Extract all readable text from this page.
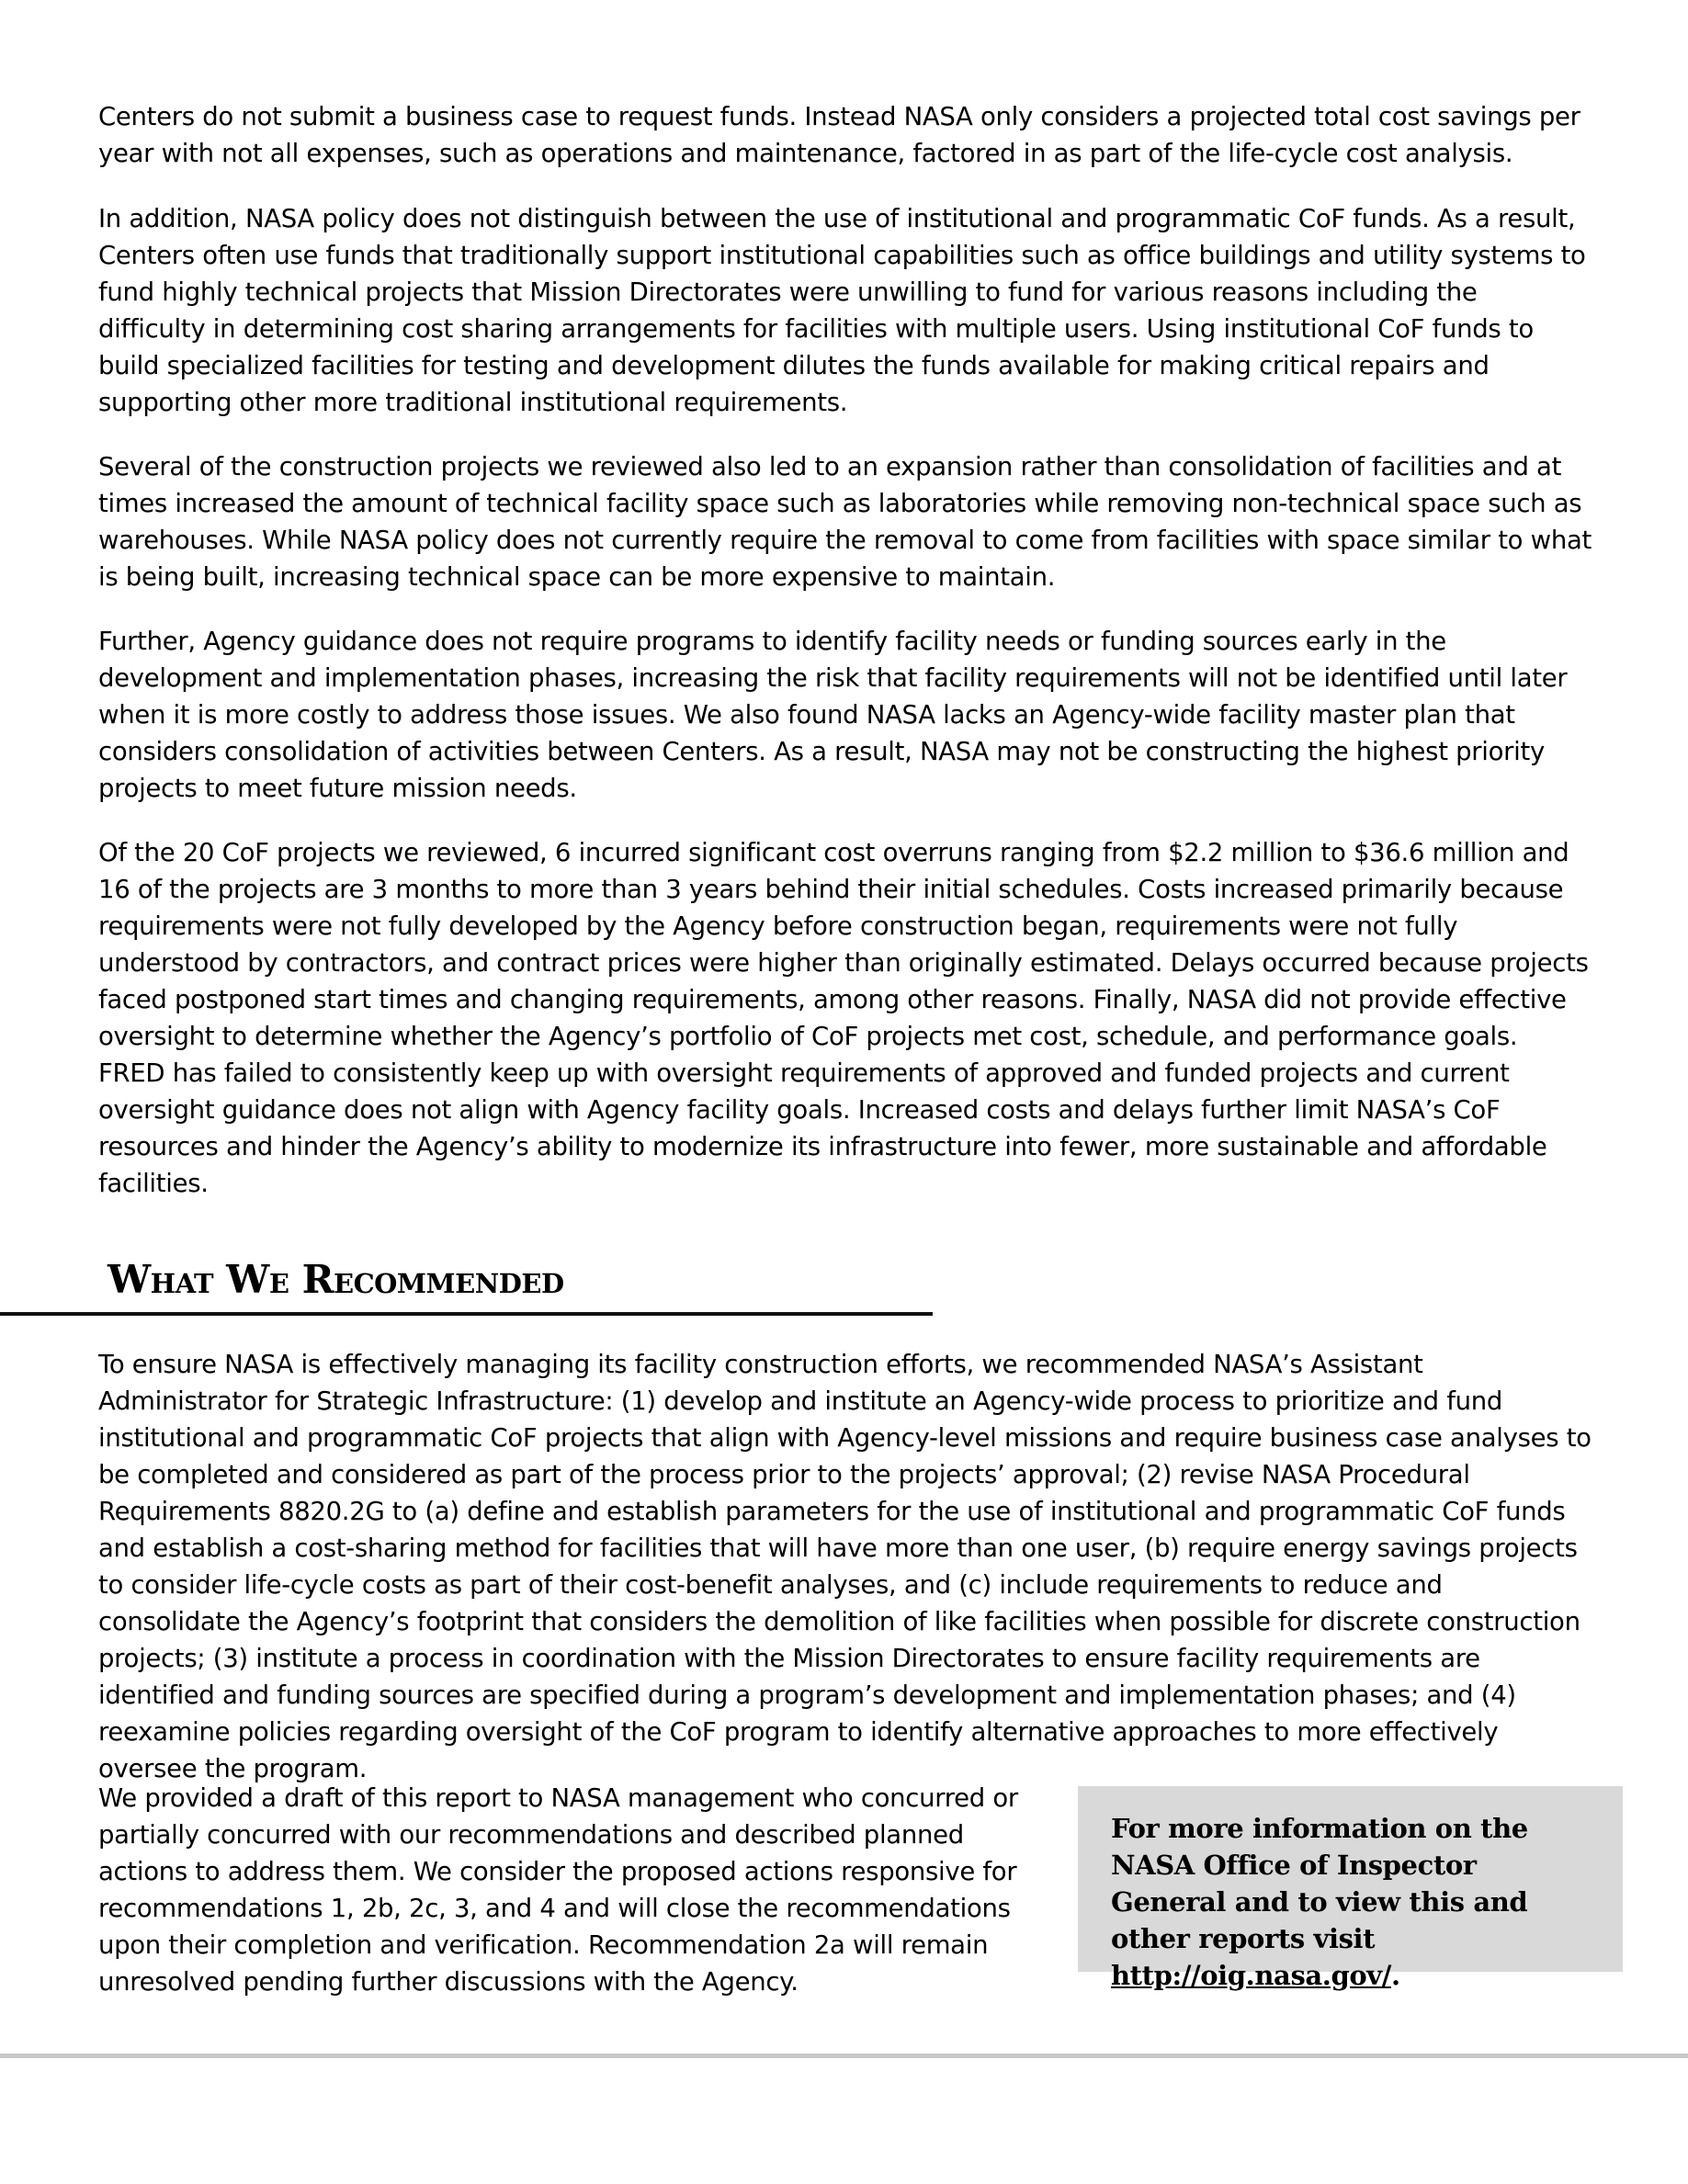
Centers do not submit a business case to request funds. Instead NASA only considers a projected total cost savings per year with not all expenses, such as operations and maintenance, factored in as part of the life-cycle cost analysis.

In addition, NASA policy does not distinguish between the use of institutional and programmatic CoF funds. As a result, Centers often use funds that traditionally support institutional capabilities such as office buildings and utility systems to fund highly technical projects that Mission Directorates were unwilling to fund for various reasons including the difficulty in determining cost sharing arrangements for facilities with multiple users. Using institutional CoF funds to build specialized facilities for testing and development dilutes the funds available for making critical repairs and supporting other more traditional institutional requirements.

Several of the construction projects we reviewed also led to an expansion rather than consolidation of facilities and at times increased the amount of technical facility space such as laboratories while removing non-technical space such as warehouses. While NASA policy does not currently require the removal to come from facilities with space similar to what is being built, increasing technical space can be more expensive to maintain.

Further, Agency guidance does not require programs to identify facility needs or funding sources early in the development and implementation phases, increasing the risk that facility requirements will not be identified until later when it is more costly to address those issues. We also found NASA lacks an Agency-wide facility master plan that considers consolidation of activities between Centers. As a result, NASA may not be constructing the highest priority projects to meet future mission needs.

Of the 20 CoF projects we reviewed, 6 incurred significant cost overruns ranging from $2.2 million to $36.6 million and 16 of the projects are 3 months to more than 3 years behind their initial schedules. Costs increased primarily because requirements were not fully developed by the Agency before construction began, requirements were not fully understood by contractors, and contract prices were higher than originally estimated. Delays occurred because projects faced postponed start times and changing requirements, among other reasons. Finally, NASA did not provide effective oversight to determine whether the Agency’s portfolio of CoF projects met cost, schedule, and performance goals. FRED has failed to consistently keep up with oversight requirements of approved and funded projects and current oversight guidance does not align with Agency facility goals. Increased costs and delays further limit NASA’s CoF resources and hinder the Agency’s ability to modernize its infrastructure into fewer, more sustainable and affordable facilities.

What We Recommended

To ensure NASA is effectively managing its facility construction efforts, we recommended NASA’s Assistant Administrator for Strategic Infrastructure: (1) develop and institute an Agency-wide process to prioritize and fund institutional and programmatic CoF projects that align with Agency-level missions and require business case analyses to be completed and considered as part of the process prior to the projects’ approval; (2) revise NASA Procedural Requirements 8820.2G to (a) define and establish parameters for the use of institutional and programmatic CoF funds and establish a cost-sharing method for facilities that will have more than one user, (b) require energy savings projects to consider life-cycle costs as part of their cost-benefit analyses, and (c) include requirements to reduce and consolidate the Agency’s footprint that considers the demolition of like facilities when possible for discrete construction projects; (3) institute a process in coordination with the Mission Directorates to ensure facility requirements are identified and funding sources are specified during a program’s development and implementation phases; and (4) reexamine policies regarding oversight of the CoF program to identify alternative approaches to more effectively oversee the program.

We provided a draft of this report to NASA management who concurred or partially concurred with our recommendations and described planned actions to address them. We consider the proposed actions responsive for recommendations 1, 2b, 2c, 3, and 4 and will close the recommendations upon their completion and verification. Recommendation 2a will remain unresolved pending further discussions with the Agency.

For more information on the NASA Office of Inspector General and to view this and other reports visit http://oig.nasa.gov/.
